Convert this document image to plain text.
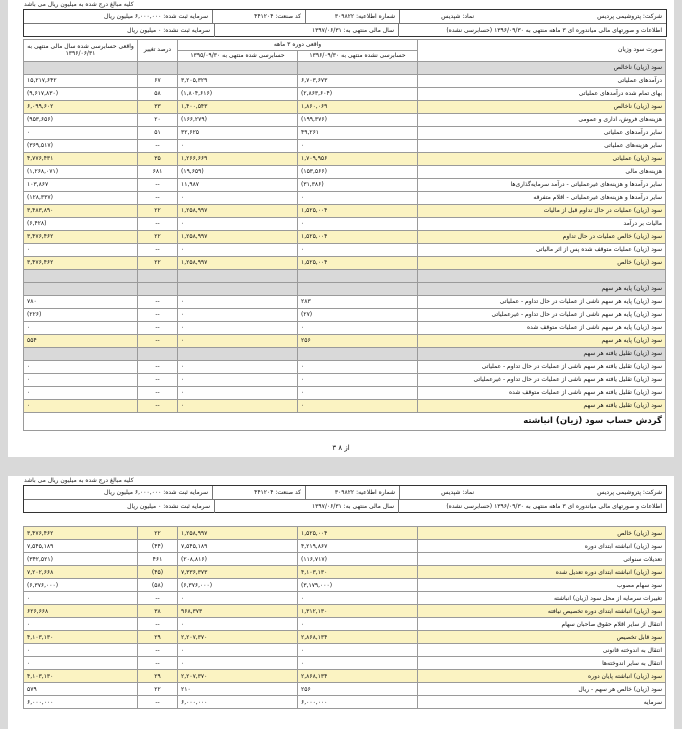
کلیه مبالغ درج شده به میلیون ریال می باشد
شرکت: پتروشیمی پردیس
نماد: شپدیس
شماره اطلاعیه: ۳۰۹۸۲۲
کد صنعت: ۴۴۱۲۰۴
سرمایه ثبت شده: ۶,۰۰۰,۰۰۰ میلیون ریال
اطلاعات و صورتهای مالی میاندوره ای ۳ ماهه منتهی به ۱۳۹۶/۰۹/۳۰ (حسابرسی نشده)
سال مالی منتهی به: ۱۳۹۷/۰۶/۳۱
سرمایه ثبت نشده: ۰ میلیون ریال
صورت سود وزیان	واقعی دوره ۳ ماهه		درصد تغییر	واقعی حسابرسی شده سال مالی منتهی به ۱۳۹۶/۰۶/۳۱
	حسابرسی نشده منتهی به ۱۳۹۶/۰۹/۳۰	حسابرسی شده منتهی به ۱۳۹۵/۰۹/۳۰		
سود (زیان) ناخالص				
درآمدهای عملیاتی	۶,۷۰۳,۶۷۳	۳,۲۰۵,۳۲۹	۶۷	۱۵,۲۱۷,۶۴۲
بهای تمام شده درآمدهای عملیاتی	(۲,۸۶۳,۶۰۴)	(۱,۸۰۴,۶۱۶)	۵۸	(۹,۶۱۷,۸۳۰)
سود (زیان) ناخالص	۱,۸۶۰,۰۶۹	۱,۴۰۰,۵۴۳	۳۳	۶,۰۹۹,۶۰۲
هزینه‌های فروش، اداری و عمومی	(۱۹۹,۳۷۶)	(۱۶۶,۲۷۹)	۲۰	(۹۵۳,۶۵۶)
سایر درآمدهای عملیاتی	۴۹,۲۶۱	۳۲,۶۲۵	۵۱	۰
سایر هزینه‌های عملیاتی	۰	۰	--	(۳۶۹,۵۱۷)
سود (زیان) عملیاتی	۱,۷۰۹,۹۵۶	۱,۲۶۶,۶۶۹	۳۵	۴,۷۷۶,۴۳۱
هزینه‌های مالی	(۱۵۳,۵۶۶)	(۱۹,۶۵۹)	۶۸۱	(۱,۲۶۸,۰۷۱)
سایر درآمدها و هزینه‌های غیرعملیاتی - درآمد سرمایه‌گذاری‌ها	(۳۱,۳۸۶)	۱۱,۹۸۷	--	۱۰۳,۸۶۷
سایر درآمدها و هزینه‌های غیرعملیاتی - اقلام متفرقه	۰	۰	--	(۱۲۸,۳۳۷)
سود (زیان) عملیات در حال تداوم قبل از مالیات	۱,۵۲۵,۰۰۴	۱,۲۵۸,۹۹۷	۲۲	۳,۴۸۳,۸۹۰
مالیات بر درآمد	۰	۰	--	(۶,۴۲۸)
سود (زیان) خالص عملیات در حال تداوم	۱,۵۲۵,۰۰۴	۱,۲۵۸,۹۹۷	۲۲	۳,۴۷۶,۴۶۲
سود (زیان) عملیات متوقف شده پس از اثر مالیاتی	۰	۰	--	۰
سود (زیان) خالص	۱,۵۲۵,۰۰۴	۱,۲۵۸,۹۹۷	۲۲	۳,۴۷۶,۴۶۲

سود (زیان) پایه هر سهم				
سود (زیان) پایه هر سهم ناشی از عملیات در حال تداوم - عملیاتی	۲۸۳	۰	--	۷۸۰
سود (زیان) پایه هر سهم ناشی از عملیات در حال تداوم - غیرعملیاتی	(۲۷)	۰	--	(۲۲۶)
سود (زیان) پایه هر سهم ناشی از عملیات متوقف شده	۰	۰	--	۰
سود (زیان) پایه هر سهم	۲۵۶	۰	--	۵۵۴
سود (زیان) تقلیل یافته هر سهم				
سود (زیان) تقلیل یافته هر سهم ناشی از عملیات در حال تداوم - عملیاتی	۰	۰	--	۰
سود (زیان) تقلیل یافته هر سهم ناشی از عملیات در حال تداوم - غیرعملیاتی	۰	۰	--	۰
سود (زیان) تقلیل یافته هر سهم ناشی از عملیات متوقف شده	۰	۰	--	۰
سود (زیان) تقلیل یافته هر سهم	۰	۰	--	۰
گردش حساب سود (زیان) انباشته				
۳ از ۸
کلیه مبالغ درج شده به میلیون ریال می باشد
شرکت: پتروشیمی پردیس
نماد: شپدیس
شماره اطلاعیه: ۳۰۹۸۲۲
کد صنعت: ۴۴۱۲۰۴
سرمایه ثبت شده: ۶,۰۰۰,۰۰۰ میلیون ریال
اطلاعات و صورتهای مالی میاندوره ای ۳ ماهه منتهی به ۱۳۹۶/۰۹/۳۰ (حسابرسی نشده)
سال مالی منتهی به: ۱۳۹۷/۰۶/۳۱
سرمایه ثبت نشده: ۰ میلیون ریال
سود (زیان) خالص	۱,۵۲۵,۰۰۴	۱,۲۵۸,۹۹۷	۲۲	۳,۴۷۶,۴۶۲
سود (زیان) انباشته ابتدای دوره	۴,۲۱۹,۸۶۷	۷,۵۴۵,۱۸۹	(۴۴)	۷,۵۴۵,۱۸۹
تعدیلات سنواتی	(۱۱۶,۷۱۷)	(۲۰۸,۸۱۶)	۴۶۱	(۳۴۲,۵۲۱)
سود (زیان) انباشته ابتدای دوره تعدیل شده	۴,۱۰۳,۱۳۰	۷,۳۳۶,۳۷۳	(۴۵)	۷,۲۰۲,۶۶۸
سود سهام مصوب	(۳,۱۷۹,۰۰۰)	(۶,۳۷۶,۰۰۰)	(۵۸)	(۶,۳۷۶,۰۰۰)
تغییرات سرمایه از محل سود (زیان) انباشته	۰	۰	--	۰
سود (زیان) انباشته ابتدای دوره تخصیص نیافته	۱,۳۱۲,۱۳۰	۹۶۸,۳۷۳	۳۸	۶۲۶,۶۶۸
انتقال از سایر اقلام حقوق صاحبان سهام	۰	۰	--	۰
سود قابل تخصیص	۲,۸۶۸,۱۳۴	۲,۲۰۷,۳۷۰	۲۹	۴,۱۰۳,۱۳۰
انتقال به اندوخته قانونی	۰	۰	--	۰
انتقال به سایر اندوخته‌ها	۰	۰	--	۰
سود (زیان) انباشته پایان دوره	۲,۸۶۸,۱۳۴	۲,۲۰۷,۳۷۰	۲۹	۴,۱۰۳,۱۳۰
سود (زیان) خالص هر سهم - ریال	۲۵۶	۲۱۰	۲۲	۵۷۹
سرمایه	۶,۰۰۰,۰۰۰	۶,۰۰۰,۰۰۰	--	۶,۰۰۰,۰۰۰
